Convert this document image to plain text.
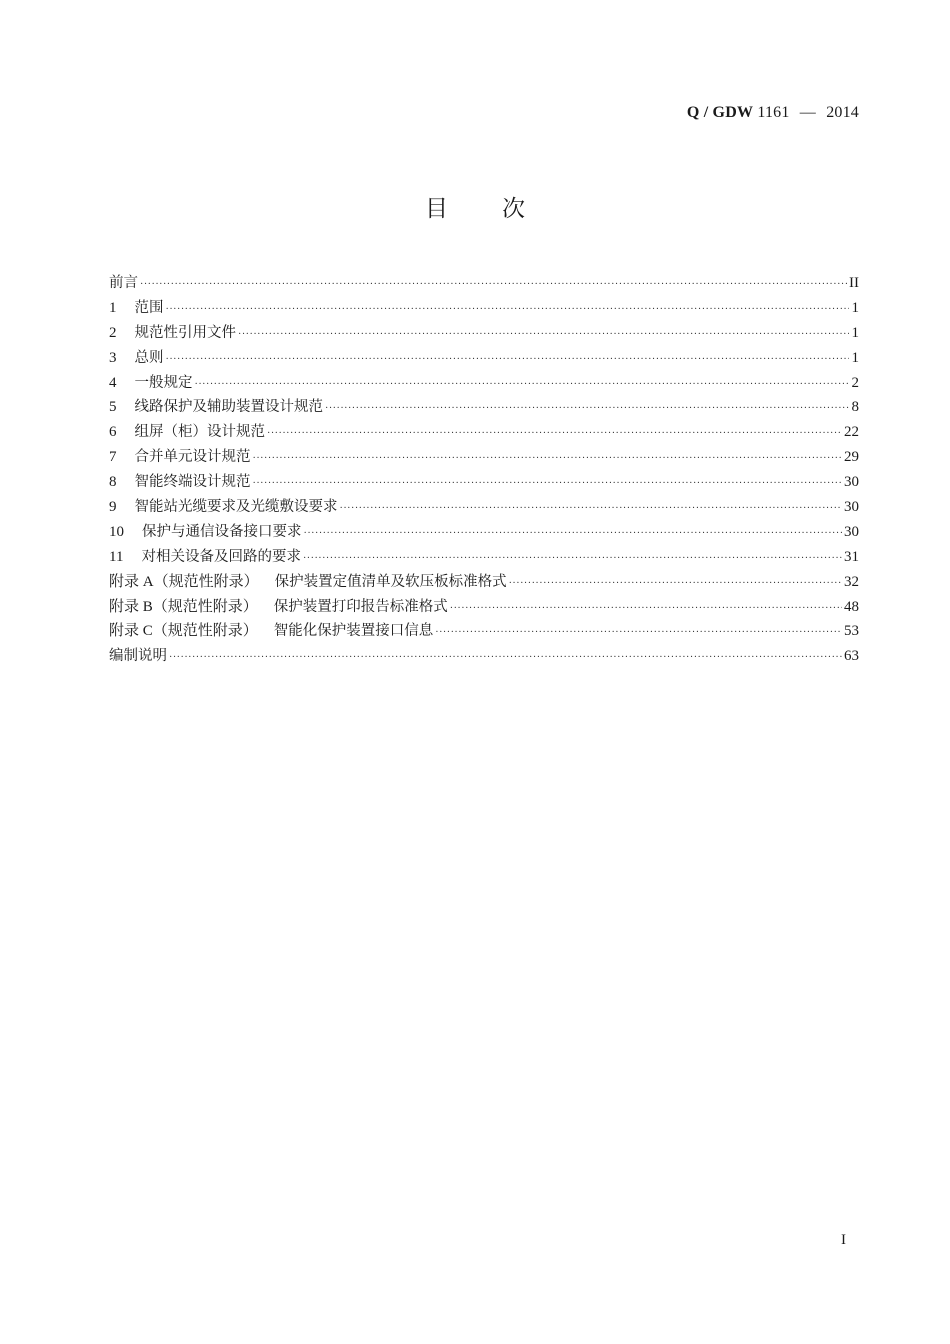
Q / GDW 1161 — 2014
目 次
前言 ·····	II
1 范围 ·····	1
2 规范性引用文件 ·····	1
3 总则 ·····	1
4 一般规定 ·····	2
5 线路保护及辅助装置设计规范 ·····	8
6 组屏（柜）设计规范 ·····	22
7 合并单元设计规范 ·····	29
8 智能终端设计规范 ·····	30
9 智能站光缆要求及光缆敷设要求 ·····	30
10 保护与通信设备接口要求 ·····	30
11 对相关设备及回路的要求 ·····	31
附录 A（规范性附录） 保护装置定值清单及软压板标准格式 ·····	32
附录 B（规范性附录） 保护装置打印报告标准格式 ·····	48
附录 C（规范性附录） 智能化保护装置接口信息 ·····	53
编制说明 ·····	63
I
